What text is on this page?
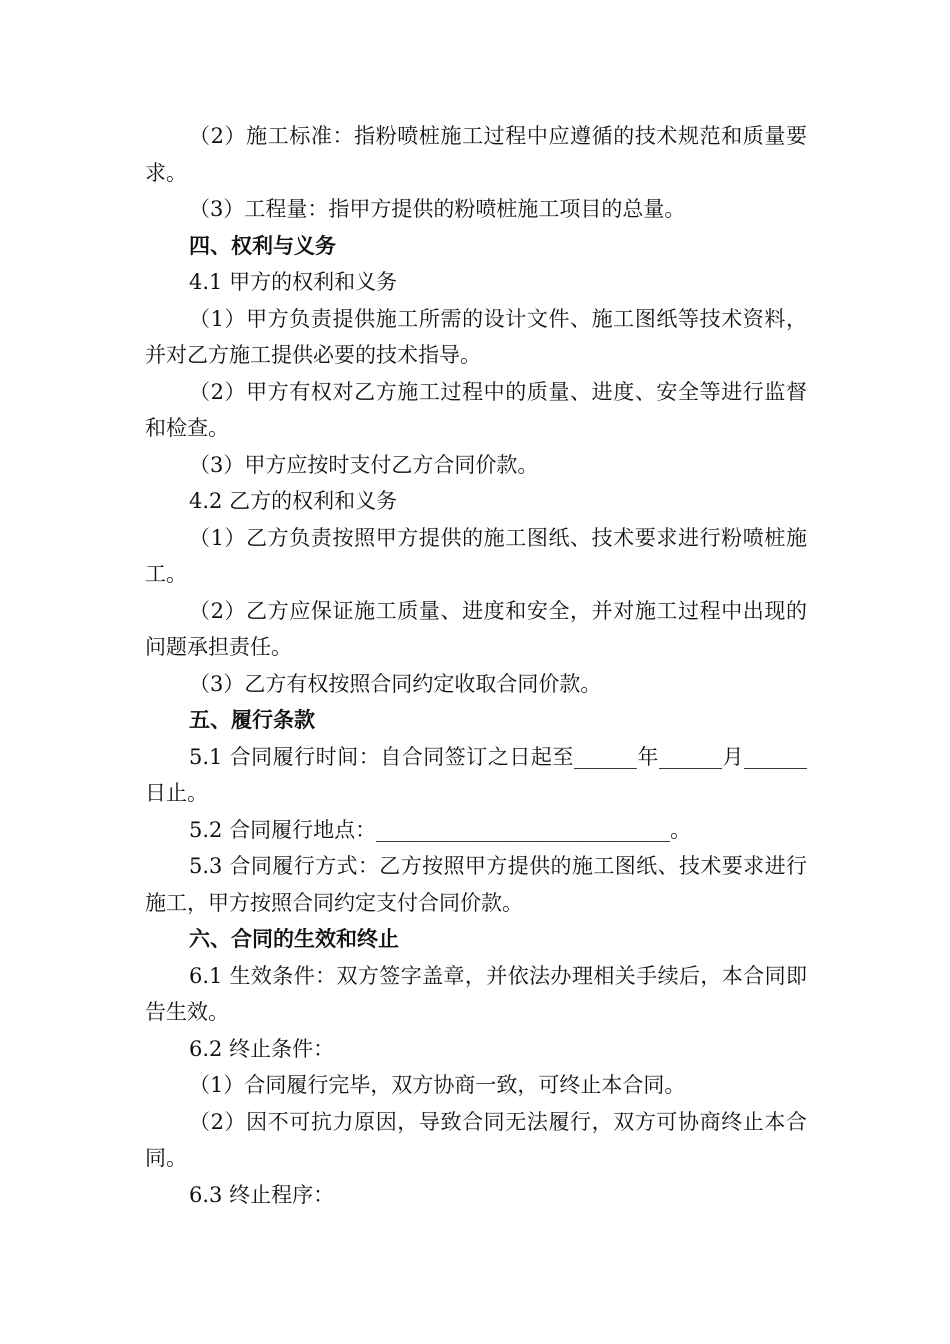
（2）施工标准：指粉喷桩施工过程中应遵循的技术规范和质量要求。

（3）工程量：指甲方提供的粉喷桩施工项目的总量。

四、权利与义务

4.1 甲方的权利和义务

（1）甲方负责提供施工所需的设计文件、施工图纸等技术资料，并对乙方施工提供必要的技术指导。

（2）甲方有权对乙方施工过程中的质量、进度、安全等进行监督和检查。

（3）甲方应按时支付乙方合同价款。

4.2 乙方的权利和义务

（1）乙方负责按照甲方提供的施工图纸、技术要求进行粉喷桩施工。

（2）乙方应保证施工质量、进度和安全，并对施工过程中出现的问题承担责任。

（3）乙方有权按照合同约定收取合同价款。

五、履行条款

5.1 合同履行时间：自合同签订之日起至______年______月______日止。

5.2 合同履行地点：____________________________。

5.3 合同履行方式：乙方按照甲方提供的施工图纸、技术要求进行施工，甲方按照合同约定支付合同价款。

六、合同的生效和终止

6.1 生效条件：双方签字盖章，并依法办理相关手续后，本合同即告生效。

6.2 终止条件：

（1）合同履行完毕，双方协商一致，可终止本合同。

（2）因不可抗力原因，导致合同无法履行，双方可协商终止本合同。

6.3 终止程序：
